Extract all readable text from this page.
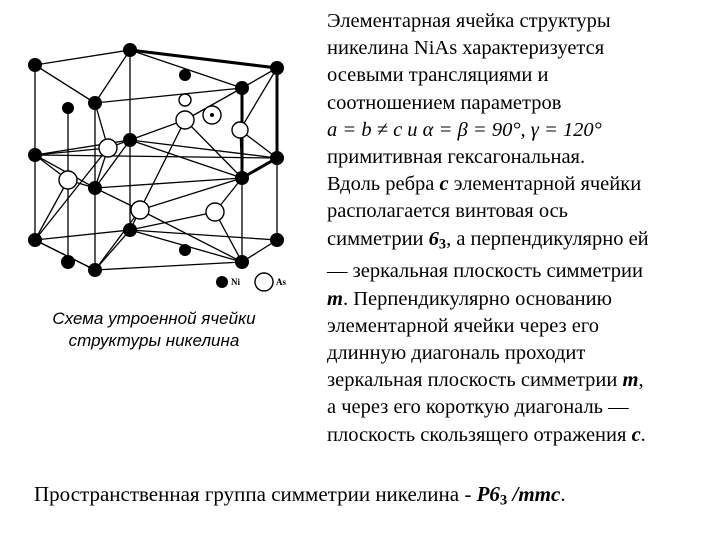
Ni	As
Схема утроенной ячейки
структуры никелина
Элементарная ячейка структуры
никелина NiAs характеризуется
осевыми трансляциями и
соотношением параметров
a = b ≠ c и α = β = 90°, γ = 120°
примитивная гексагональная.
Вдоль ребра c элементарной ячейки
располагается винтовая ось
симметрии $6_3$, а перпендикулярно ей
— зеркальная плоскость симметрии
m. Перпендикулярно основанию
элементарной ячейки через его
длинную диагональ проходит
зеркальная плоскость симметрии m,
а через его короткую диагональ —
плоскость скользящего отражения c.
Пространственная группа симметрии никелина - $P6_3$ /mmc.
